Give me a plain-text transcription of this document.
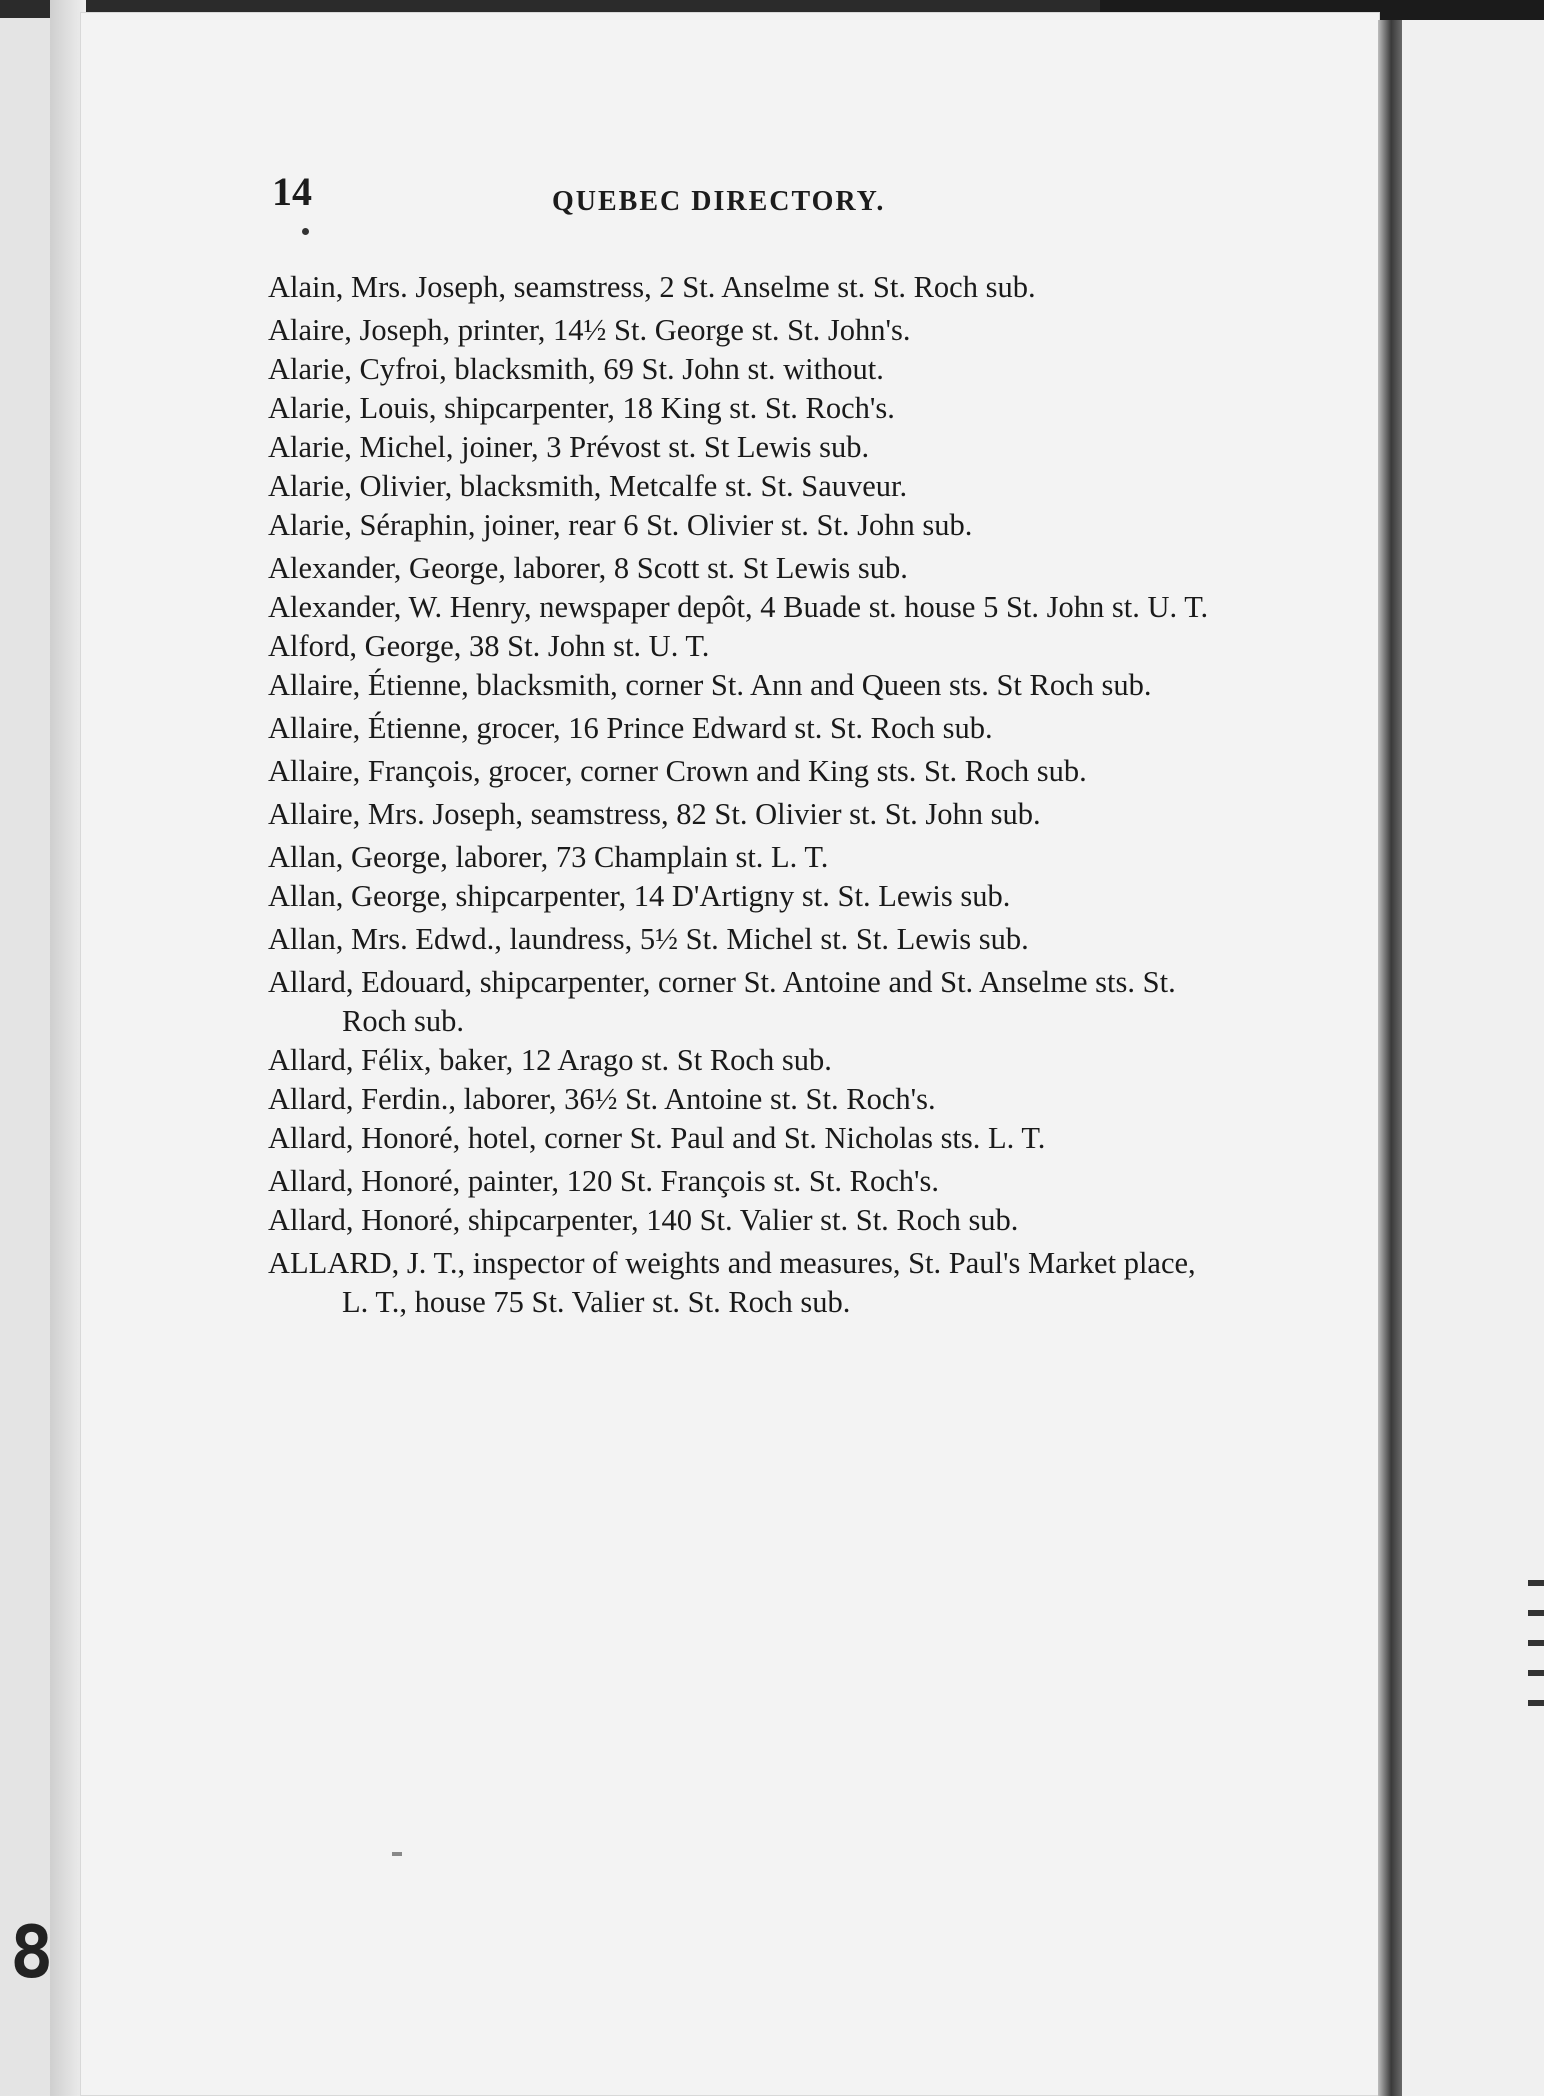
14	QUEBEC DIRECTORY.

Alain, Mrs. Joseph, seamstress, 2 St. Anselme st. St. Roch sub.

Alaire, Joseph, printer, 14½ St. George st. St. John's.

Alarie, Cyfroi, blacksmith, 69 St. John st. without.

Alarie, Louis, shipcarpenter, 18 King st. St. Roch's.

Alarie, Michel, joiner, 3 Prévost st. St Lewis sub.

Alarie, Olivier, blacksmith, Metcalfe st. St. Sauveur.

Alarie, Séraphin, joiner, rear 6 St. Olivier st. St. John sub.

Alexander, George, laborer, 8 Scott st. St Lewis sub.

Alexander, W. Henry, newspaper depôt, 4 Buade st. house 5 St. John st. U. T.

Alford, George, 38 St. John st. U. T.

Allaire, Étienne, blacksmith, corner St. Ann and Queen sts. St Roch sub.

Allaire, Étienne, grocer, 16 Prince Edward st. St. Roch sub.

Allaire, François, grocer, corner Crown and King sts. St. Roch sub.

Allaire, Mrs. Joseph, seamstress, 82 St. Olivier st. St. John sub.

Allan, George, laborer, 73 Champlain st. L. T.

Allan, George, shipcarpenter, 14 D'Artigny st. St. Lewis sub.

Allan, Mrs. Edwd., laundress, 5½ St. Michel st. St. Lewis sub.

Allard, Edouard, shipcarpenter, corner St. Antoine and St. Anselme sts. St. Roch sub.

Allard, Félix, baker, 12 Arago st. St Roch sub.

Allard, Ferdin., laborer, 36½ St. Antoine st. St. Roch's.

Allard, Honoré, hotel, corner St. Paul and St. Nicholas sts. L. T.

Allard, Honoré, painter, 120 St. François st. St. Roch's.

Allard, Honoré, shipcarpenter, 140 St. Valier st. St. Roch sub.

ALLARD, J. T., inspector of weights and measures, St. Paul's Market place, L. T., house 75 St. Valier st. St. Roch sub.

8
